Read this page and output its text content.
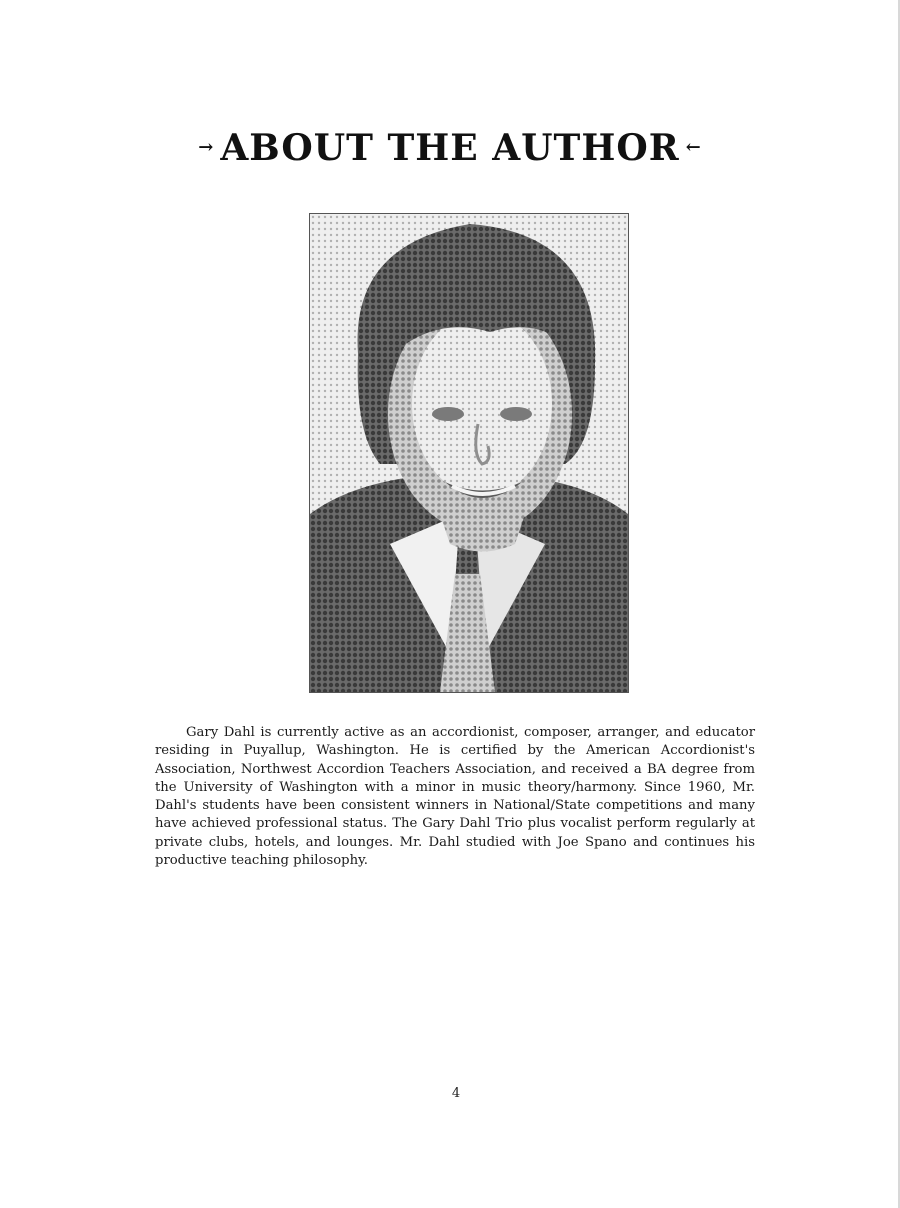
→ ABOUT THE AUTHOR ←

Gary Dahl is currently active as an accordionist, composer, arranger, and educator residing in Puyallup, Washington. He is certified by the American Accordionist's Association, Northwest Accordion Teachers Association, and received a BA degree from the University of Washington with a minor in music theory/harmony. Since 1960, Mr. Dahl's students have been consistent winners in National/State competitions and many have achieved professional status. The Gary Dahl Trio plus vocalist perform regularly at private clubs, hotels, and lounges. Mr. Dahl studied with Joe Spano and continues his productive teaching philosophy.

4
